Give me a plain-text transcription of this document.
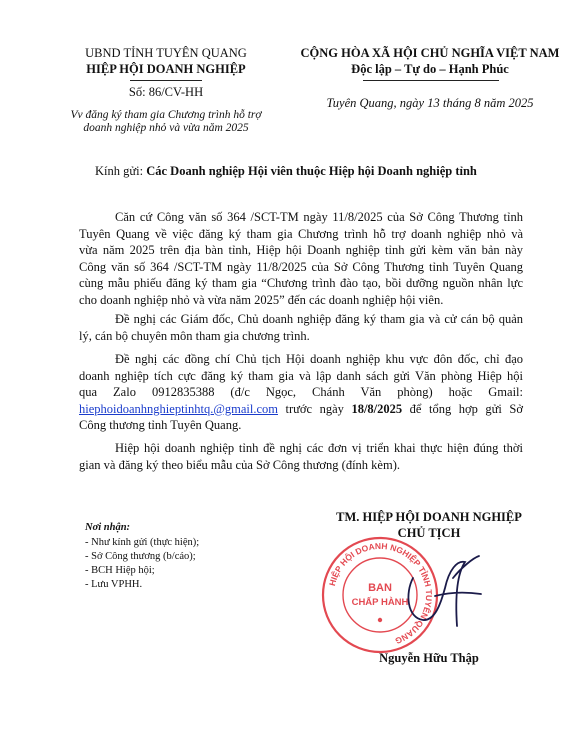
UBND TỈNH TUYÊN QUANG
HIỆP HỘI DOANH NGHIỆP
Số: 86/CV-HH
Vv đăng ký tham gia Chương trình hỗ trợ
doanh nghiệp nhỏ và vừa năm 2025
CỘNG HÒA XÃ HỘI CHỦ NGHĨA VIỆT NAM
Độc lập – Tự do – Hạnh Phúc
Tuyên Quang, ngày 13 tháng 8 năm 2025
Kính gửi: Các Doanh nghiệp Hội viên thuộc Hiệp hội Doanh nghiệp tỉnh
Căn cứ Công văn số 364 /SCT-TM ngày 11/8/2025 của Sở Công Thương tỉnh
Tuyên Quang về việc đăng ký tham gia Chương trình hỗ trợ doanh nghiệp nhỏ và
vừa năm 2025 trên địa bàn tỉnh, Hiệp hội Doanh nghiệp tỉnh gửi kèm văn bản này
Công văn số 364 /SCT-TM ngày 11/8/2025 của Sở Công Thương tỉnh Tuyên Quang
cùng mẫu phiếu đăng ký tham gia “Chương trình đào tạo, bồi dưỡng nguồn nhân lực
cho doanh nghiệp nhỏ và vừa năm 2025” đến các doanh nghiệp hội viên.
Đề nghị các Giám đốc, Chủ doanh nghiệp đăng ký tham gia và cử cán bộ quản
lý, cán bộ chuyên môn tham gia chương trình.
Đề nghị các đồng chí Chủ tịch Hội doanh nghiệp khu vực đôn đốc, chỉ đạo
doanh nghiệp tích cực đăng ký tham gia và lập danh sách gửi Văn phòng Hiệp hội
qua Zalo 0912835388 (đ/c Ngọc, Chánh Văn phòng) hoặc Gmail:
hiephoidoanhnghieptinhtq.@gmail.com trước ngày 18/8/2025 để tổng hợp gửi Sở
Công thương tỉnh Tuyên Quang.
Hiệp hội doanh nghiệp tỉnh đề nghị các đơn vị triển khai thực hiện đúng thời
gian và đăng ký theo biểu mẫu của Sở Công thương (đính kèm).
TM. HIỆP HỘI DOANH NGHIỆP
CHỦ TỊCH
HIỆP HỘI DOANH NGHIỆP TỈNH TUYÊN QUANG
BAN
CHẤP HÀNH
Nguyễn Hữu Thập
Nơi nhận:
- Như kính gửi (thực hiện);
- Sở Công thương (b/cáo);
- BCH Hiệp hội;
- Lưu VPHH.
